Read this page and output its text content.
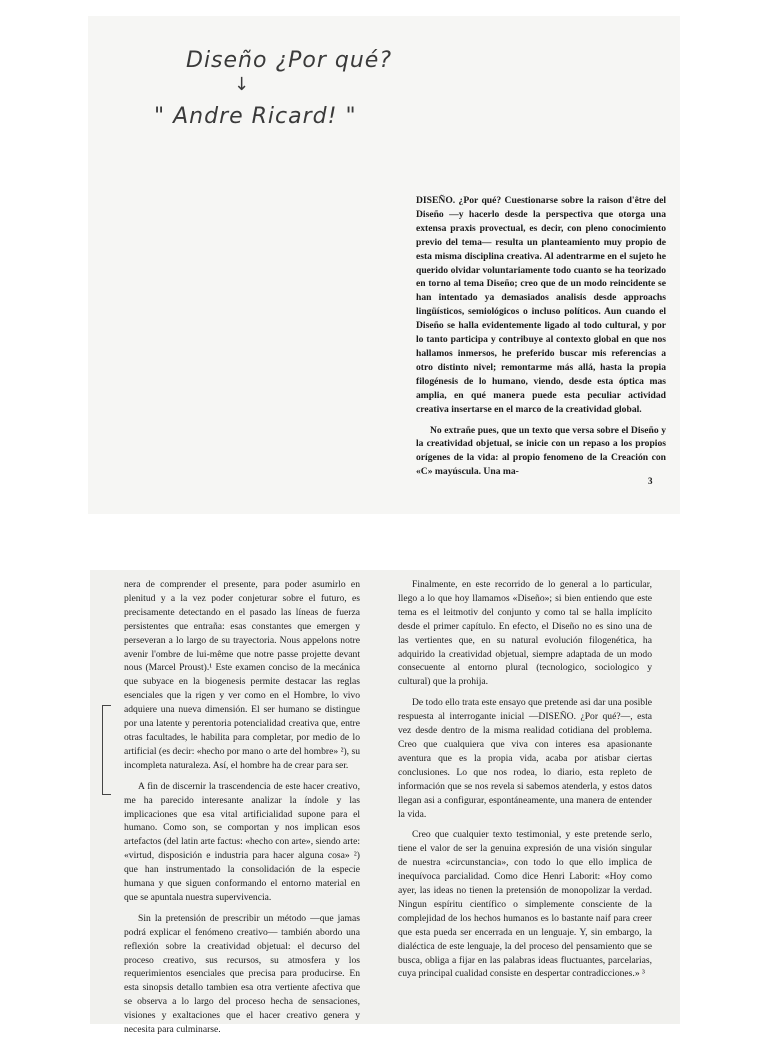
Diseño ¿Por qué?
↓
" Andre Ricard! "

DISEÑO. ¿Por qué? Cuestionarse sobre la raison d'être del Diseño —y hacerlo desde la perspectiva que otorga una extensa praxis provectual, es decir, con pleno conocimiento previo del tema— resulta un planteamiento muy propio de esta misma disciplina creativa. Al adentrarme en el sujeto he querido olvidar voluntariamente todo cuanto se ha teorizado en torno al tema Diseño; creo que de un modo reincidente se han intentado ya demasiados analisis desde approachs lingüísticos, semiológicos o incluso políticos. Aun cuando el Diseño se halla evidentemente ligado al todo cultural, y por lo tanto participa y contribuye al contexto global en que nos hallamos inmersos, he preferido buscar mis referencias a otro distinto nivel; remontarme más allá, hasta la propia filogénesis de lo humano, viendo, desde esta óptica mas amplia, en qué manera puede esta peculiar actividad creativa insertarse en el marco de la creatividad global.

No extrañe pues, que un texto que versa sobre el Diseño y la creatividad objetual, se inicie con un repaso a los propios orígenes de la vida: al propio fenomeno de la Creación con «C» mayúscula. Una ma-

3

nera de comprender el presente, para poder asumirlo en plenitud y a la vez poder conjeturar sobre el futuro, es precisamente detectando en el pasado las líneas de fuerza persistentes que entraña: esas constantes que emergen y perseveran a lo largo de su trayectoria. Nous appelons notre avenir l'ombre de lui-même que notre passe projette devant nous (Marcel Proust).¹ Este examen conciso de la mecánica que subyace en la biogenesis permite destacar las reglas esenciales que la rigen y ver como en el Hombre, lo vivo adquiere una nueva dimensión. El ser humano se distingue por una latente y perentoria potencialidad creativa que, entre otras facultades, le habilita para completar, por medio de lo artificial (es decir: «hecho por mano o arte del hombre» ²), su incompleta naturaleza. Así, el hombre ha de crear para ser.

A fin de discernir la trascendencia de este hacer creativo, me ha parecido interesante analizar la índole y las implicaciones que esa vital artificialidad supone para el humano. Como son, se comportan y nos implican esos artefactos (del latin arte factus: «hecho con arte», siendo arte: «virtud, disposición e industria para hacer alguna cosa» ²) que han instrumentado la consolidación de la especie humana y que siguen conformando el entorno material en que se apuntala nuestra supervivencia.

Sin la pretensión de prescribir un método —que jamas podrá explicar el fenómeno creativo— también abordo una reflexión sobre la creatividad objetual: el decurso del proceso creativo, sus recursos, su atmosfera y los requerimientos esenciales que precisa para producirse. En esta sinopsis detallo tambien esa otra vertiente afectiva que se observa a lo largo del proceso hecha de sensaciones, visiones y exaltaciones que el hacer creativo genera y necesita para culminarse.

Finalmente, en este recorrido de lo general a lo particular, llego a lo que hoy llamamos «Diseño»; si bien entiendo que este tema es el leitmotiv del conjunto y como tal se halla implícito desde el primer capítulo. En efecto, el Diseño no es sino una de las vertientes que, en su natural evolución filogenética, ha adquirido la creatividad objetual, siempre adaptada de un modo consecuente al entorno plural (tecnologico, sociologico y cultural) que la prohija.

De todo ello trata este ensayo que pretende asi dar una posible respuesta al interrogante inicial —DISEÑO. ¿Por qué?—, esta vez desde dentro de la misma realidad cotidiana del problema. Creo que cualquiera que viva con interes esa apasionante aventura que es la propia vida, acaba por atisbar ciertas conclusiones. Lo que nos rodea, lo diario, esta repleto de información que se nos revela si sabemos atenderla, y estos datos llegan asi a configurar, espontáneamente, una manera de entender la vida.

Creo que cualquier texto testimonial, y este pretende serlo, tiene el valor de ser la genuina expresión de una visión singular de nuestra «circunstancia», con todo lo que ello implica de inequívoca parcialidad. Como dice Henri Laborit: «Hoy como ayer, las ideas no tienen la pretensión de monopolizar la verdad. Ningun espíritu científico o simplemente consciente de la complejidad de los hechos humanos es lo bastante naif para creer que esta pueda ser encerrada en un lenguaje. Y, sin embargo, la dialéctica de este lenguaje, la del proceso del pensamiento que se busca, obliga a fijar en las palabras ideas fluctuantes, parcelarias, cuya principal cualidad consiste en despertar contradicciones.» ³
